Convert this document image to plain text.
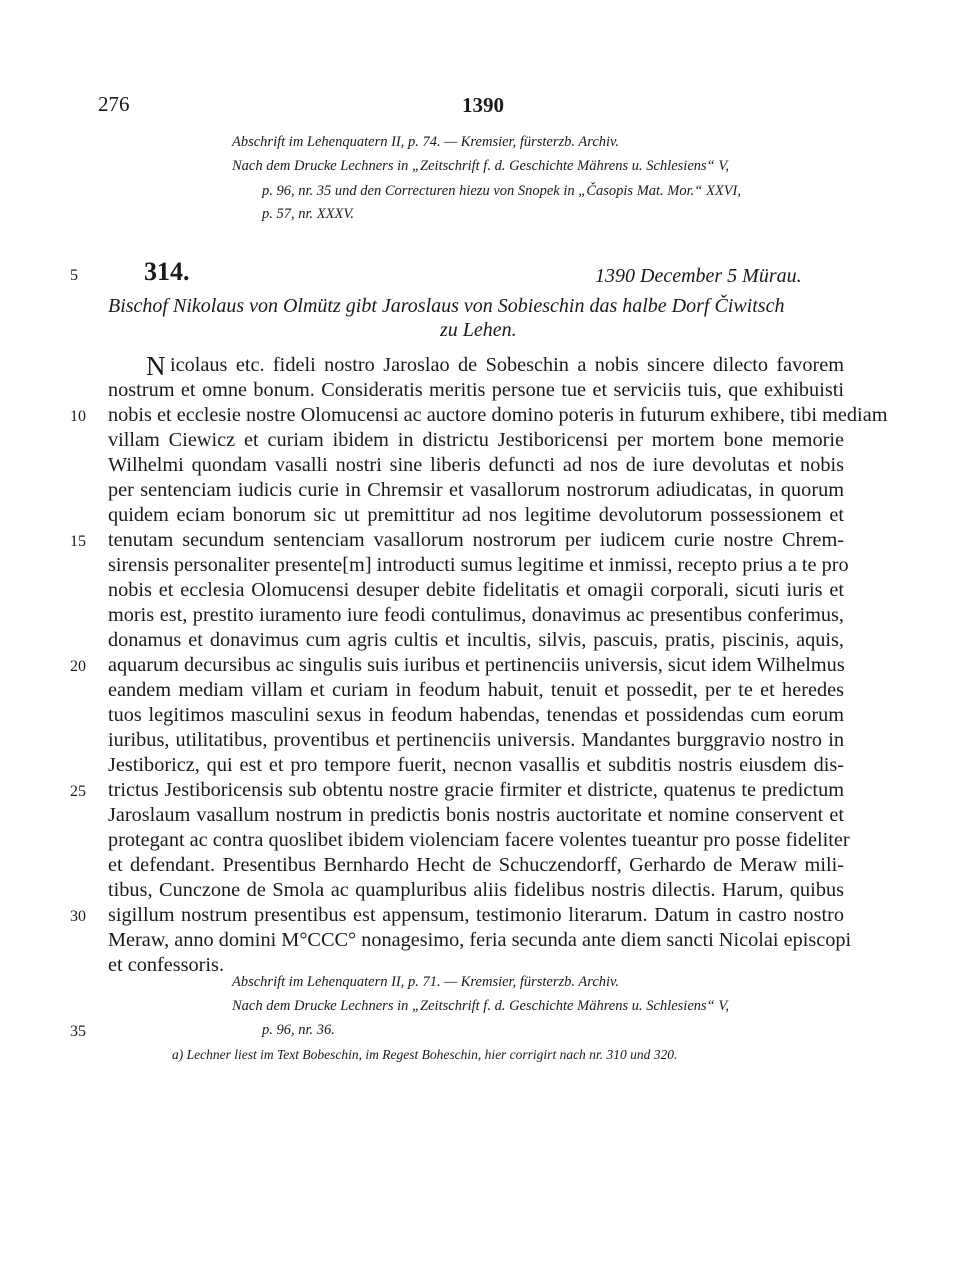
276	1390
Abschrift im Lehenquatern II, p. 74. — Kremsier, fürsterzb. Archiv.
Nach dem Drucke Lechners in „Zeitschrift f. d. Geschichte Mährens u. Schlesiens“ V,
p. 96, nr. 35 und den Correcturen hiezu von Snopek in „Časopis Mat. Mor.“ XXVI,
p. 57, nr. XXXV.
5	314.	1390 December 5 Mürau.
Bischof Nikolaus von Olmütz gibt Jaroslaus von Sobieschin das halbe Dorf Čiwitsch
zu Lehen.
N icolaus etc. fideli nostro Jaroslao de Sobeschin a nobis sincere dilecto favorem
nostrum et omne bonum. Consideratis meritis persone tue et serviciis tuis, que exhibuisti
nobis et ecclesie nostre Olomucensi ac auctore domino poteris in futurum exhibere, tibi mediam
villam Ciewicz et curiam ibidem in districtu Jestiboricensi per mortem bone memorie
Wilhelmi quondam vasalli nostri sine liberis defuncti ad nos de iure devolutas et nobis
per sentenciam iudicis curie in Chremsir et vasallorum nostrorum adiudicatas, in quorum
quidem eciam bonorum sic ut premittitur ad nos legitime devolutorum possessionem et
tenutam secundum sentenciam vasallorum nostrorum per iudicem curie nostre Chrem-
sirensis personaliter presente[m] introducti sumus legitime et inmissi, recepto prius a te pro
nobis et ecclesia Olomucensi desuper debite fidelitatis et omagii corporali, sicuti iuris et
moris est, prestito iuramento iure feodi contulimus, donavimus ac presentibus conferimus,
donamus et donavimus cum agris cultis et incultis, silvis, pascuis, pratis, piscinis, aquis,
aquarum decursibus ac singulis suis iuribus et pertinenciis universis, sicut idem Wilhelmus
eandem mediam villam et curiam in feodum habuit, tenuit et possedit, per te et heredes
tuos legitimos masculini sexus in feodum habendas, tenendas et possidendas cum eorum
iuribus, utilitatibus, proventibus et pertinenciis universis. Mandantes burggravio nostro in
Jestiboricz, qui est et pro tempore fuerit, necnon vasallis et subditis nostris eiusdem dis-
trictus Jestiboricensis sub obtentu nostre gracie firmiter et districte, quatenus te predictum
Jaroslaum vasallum nostrum in predictis bonis nostris auctoritate et nomine conservent et
protegant ac contra quoslibet ibidem violenciam facere volentes tueantur pro posse fideliter
et defendant. Presentibus Bernhardo Hecht de Schuczendorff, Gerhardo de Meraw mili-
tibus, Cunczone de Smola ac quampluribus aliis fidelibus nostris dilectis. Harum, quibus
sigillum nostrum presentibus est appensum, testimonio literarum. Datum in castro nostro
Meraw, anno domini M°CCC° nonagesimo, feria secunda ante diem sancti Nicolai episcopi
et confessoris.
10
15
20
25
30
35
Abschrift im Lehenquatern II, p. 71. — Kremsier, fürsterzb. Archiv.
Nach dem Drucke Lechners in „Zeitschrift f. d. Geschichte Mährens u. Schlesiens“ V,
p. 96, nr. 36.
a) Lechner liest im Text Bobeschin, im Regest Boheschin, hier corrigirt nach nr. 310 und 320.
